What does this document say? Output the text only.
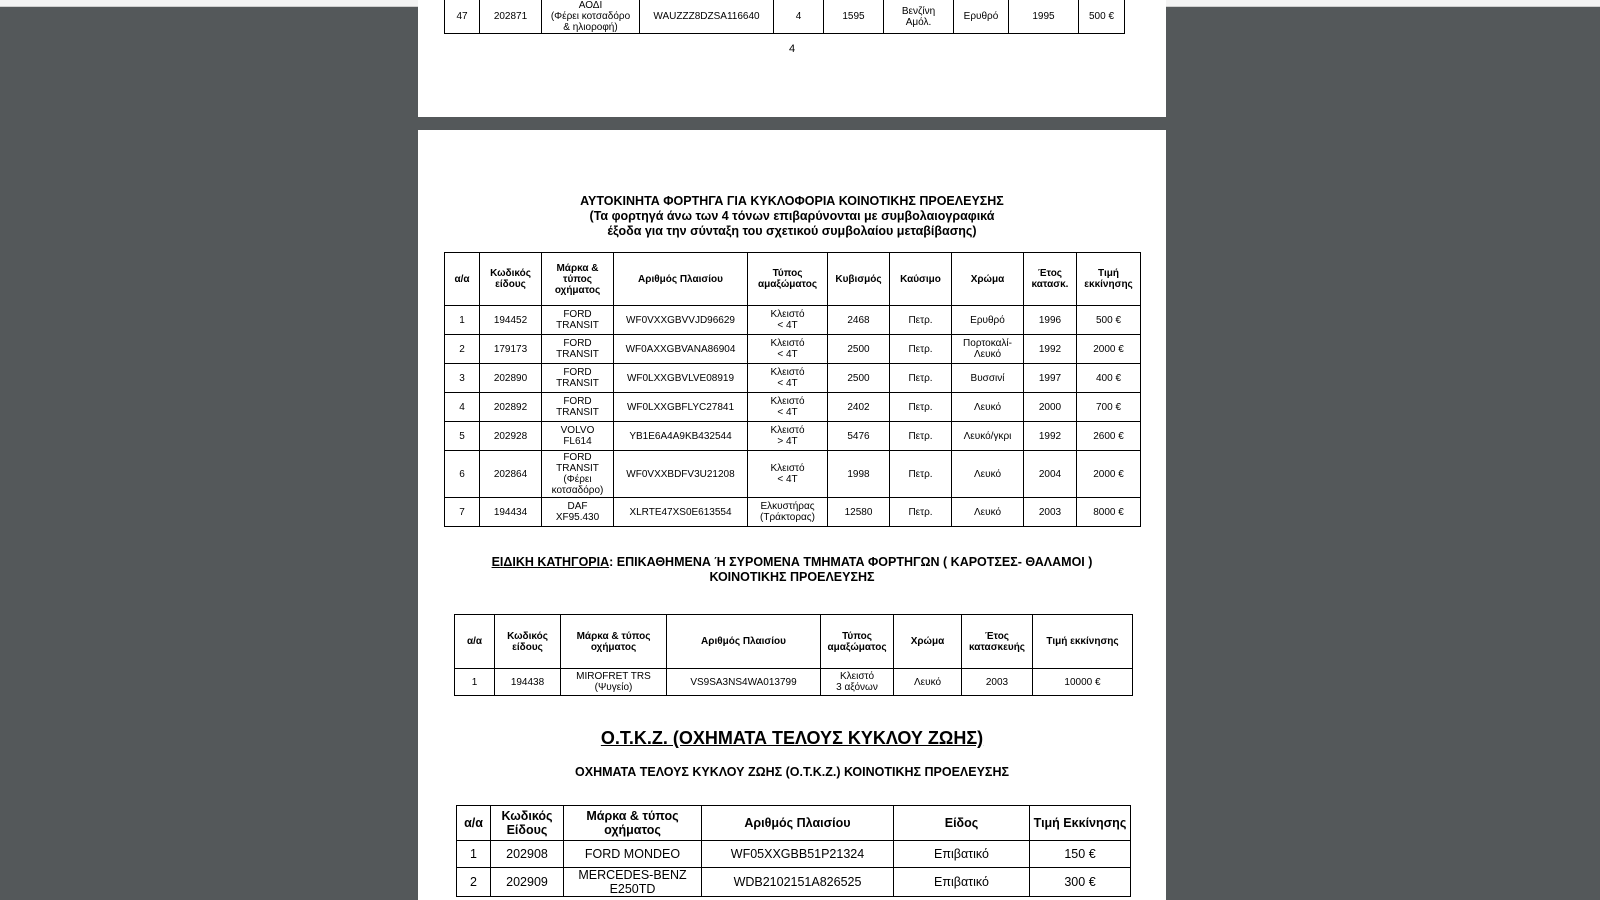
47	202871	ΑΟΔΙ
(Φέρει κοτσαδόρο
& ηλιοροφή)	WAUZZZ8DZSA116640	4	1595	Βενζίνη
Αμόλ.	Ερυθρό	1995	500 €
4
ΑΥΤΟΚΙΝΗΤΑ ΦΟΡΤΗΓΑ ΓΙΑ ΚΥΚΛΟΦΟΡΙΑ ΚΟΙΝΟΤΙΚΗΣ ΠΡΟΕΛΕΥΣΗΣ
(Τα φορτηγά άνω των 4 τόνων επιβαρύνονται με συμβολαιογραφικά
έξοδα για την σύνταξη του σχετικού συμβολαίου μεταβίβασης)
α/α	Κωδικός είδους	Μάρκα & τύπος οχήματος	Αριθμός Πλαισίου	Τύπος αμαξώματος	Κυβισμός	Καύσιμο	Χρώμα	Έτος κατασκ.	Τιμή εκκίνησης
1	194452	FORD
TRANSIT	WF0VXXGBVVJD96629	Κλειστό
< 4Τ	2468	Πετρ.	Ερυθρό	1996	500 €
2	179173	FORD
TRANSIT	WF0AXXGBVANA86904	Κλειστό
< 4Τ	2500	Πετρ.	Πορτοκαλί-
Λευκό	1992	2000 €
3	202890	FORD
TRANSIT	WF0LXXGBVLVE08919	Κλειστό
< 4Τ	2500	Πετρ.	Βυσσινί	1997	400 €
4	202892	FORD
TRANSIT	WF0LXXGBFLYC27841	Κλειστό
< 4Τ	2402	Πετρ.	Λευκό	2000	700 €
5	202928	VOLVO
FL614	YB1E6A4A9KB432544	Κλειστό
> 4Τ	5476	Πετρ.	Λευκό/γκρι	1992	2600 €
6	202864	FORD
TRANSIT
(Φέρει
κοτσαδόρο)	WF0VXXBDFV3U21208	Κλειστό
< 4Τ	1998	Πετρ.	Λευκό	2004	2000 €
7	194434	DAF
XF95.430	XLRTE47XS0E613554	Ελκυστήρας
(Τράκτορας)	12580	Πετρ.	Λευκό	2003	8000 €
ΕΙΔΙΚΗ ΚΑΤΗΓΟΡΙΑ: ΕΠΙΚΑΘΗΜΕΝΑ Ή ΣΥΡΟΜΕΝΑ ΤΜΗΜΑΤΑ ΦΟΡΤΗΓΩΝ ( ΚΑΡΟΤΣΕΣ- ΘΑΛΑΜΟΙ )
ΚΟΙΝΟΤΙΚΗΣ ΠΡΟΕΛΕΥΣΗΣ
α/α	Κωδικός είδους	Μάρκα & τύπος οχήματος	Αριθμός Πλαισίου	Τύπος αμαξώματος	Χρώμα	Έτος κατασκευής	Τιμή εκκίνησης
1	194438	MIROFRET TRS
(Ψυγείο)	VS9SA3NS4WA013799	Κλειστό
3 αξόνων	Λευκό	2003	10000 €
Ο.Τ.Κ.Ζ. (ΟΧΗΜΑΤΑ ΤΕΛΟΥΣ ΚΥΚΛΟΥ ΖΩΗΣ)
ΟΧΗΜΑΤΑ ΤΕΛΟΥΣ ΚΥΚΛΟΥ ΖΩΗΣ (Ο.Τ.Κ.Ζ.) ΚΟΙΝΟΤΙΚΗΣ ΠΡΟΕΛΕΥΣΗΣ
α/α	Κωδικός Είδους	Μάρκα & τύπος οχήματος	Αριθμός Πλαισίου	Είδος	Τιμή Εκκίνησης
1	202908	FORD MONDEO	WF05XXGBB51P21324	Επιβατικό	150 €
2	202909	MERCEDES-BENZ
E250TD	WDB2102151A826525	Επιβατικό	300 €
